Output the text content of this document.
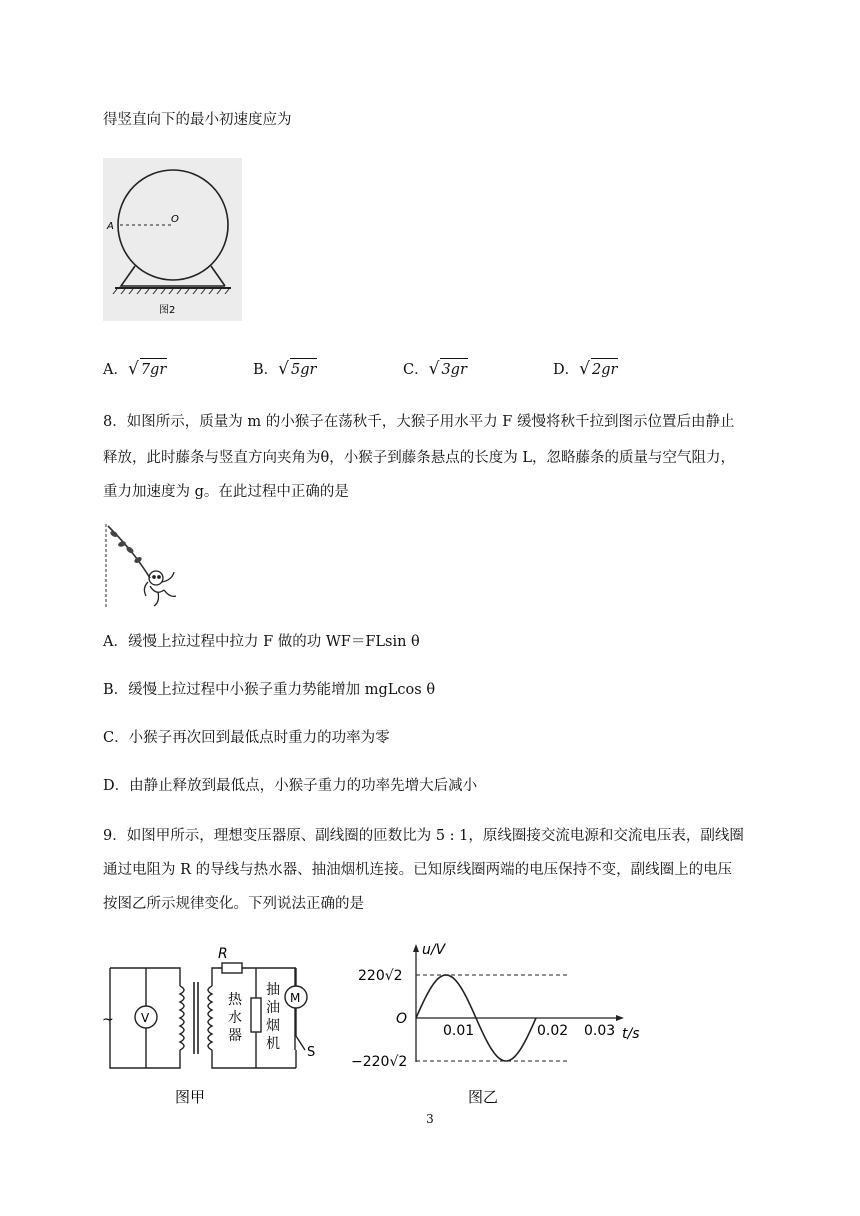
得竖直向下的最小初速度应为
A
O
图2
A．√ 7gr	B．√ 5gr	C．√ 3gr	D．√ 2gr
8．如图所示，质量为 m 的小猴子在荡秋千，大猴子用水平力 F 缓慢将秋千拉到图示位置后由静止
释放，此时藤条与竖直方向夹角为θ，小猴子到藤条悬点的长度为 L，忽略藤条的质量与空气阻力，
重力加速度为 g。在此过程中正确的是
A．缓慢上拉过程中拉力 F 做的功 WF＝FLsin θ
B．缓慢上拉过程中小猴子重力势能增加 mgLcos θ
C．小猴子再次回到最低点时重力的功率为零
D．由静止释放到最低点，小猴子重力的功率先增大后减小
9．如图甲所示，理想变压器原、副线圈的匝数比为 5 : 1，原线圈接交流电源和交流电压表，副线圈
通过电阻为 R 的导线与热水器、抽油烟机连接。已知原线圈两端的电压保持不变，副线圈上的电压
按图乙所示规律变化。下列说法正确的是
V
M
S
R
~
热
水
器
抽
油
烟
机
图甲
u/V
t/s
O
220√2
−220√2
0.01	0.02 0.03
图乙
3
